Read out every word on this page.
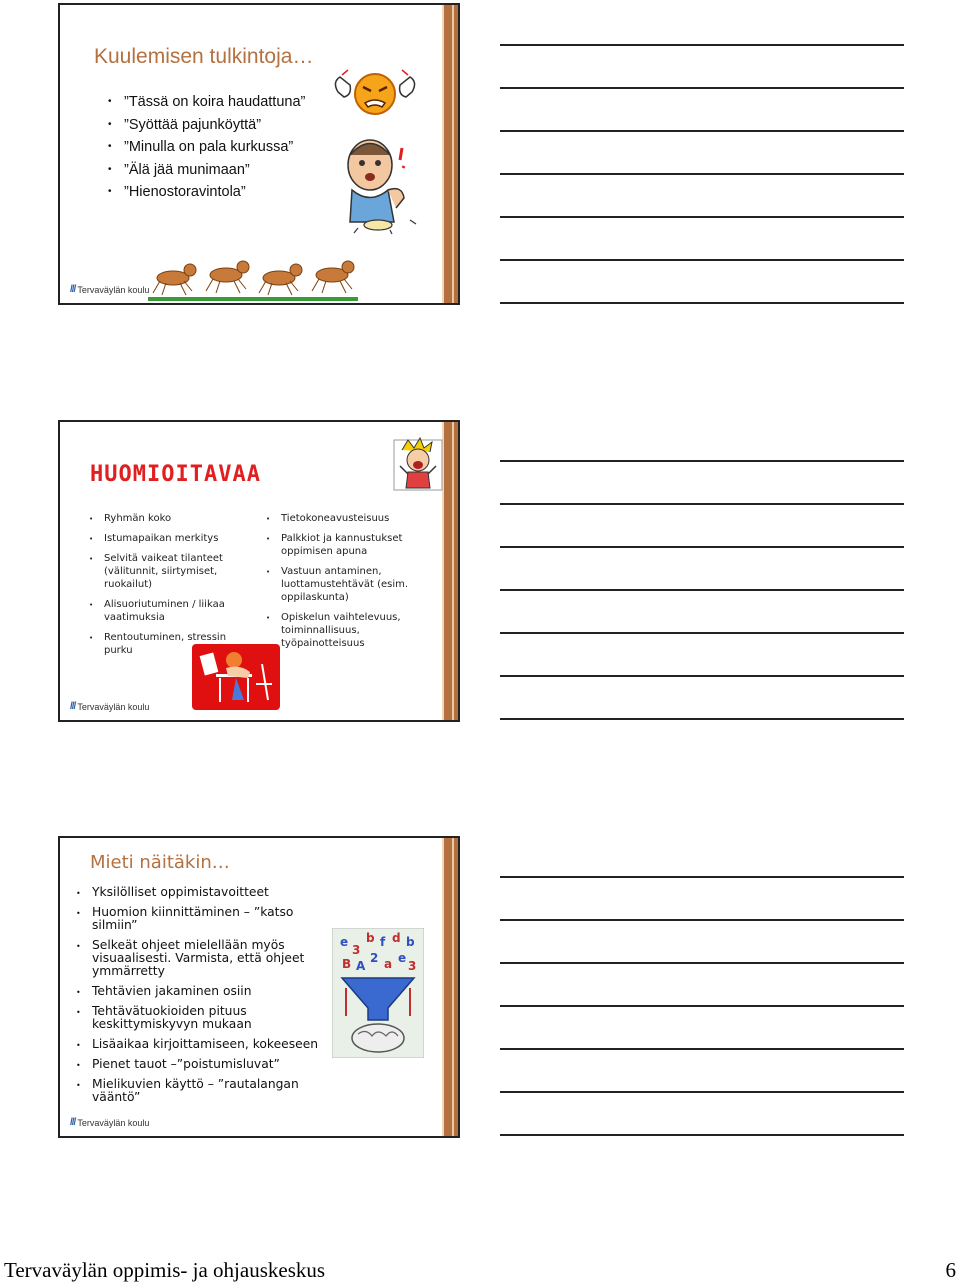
Kuulemisen tulkintoja…
• ”Tässä on koira haudattuna”
• ”Syöttää pajunköyttä”
• ”Minulla on pala kurkussa”
• ”Älä jää munimaan”
• ”Hienostoravintola”
/// Tervaväylän koulu
HUOMIOITAVAA
• Ryhmän koko
• Istumapaikan merkitys
• Selvitä vaikeat tilanteet (välitunnit, siirtymiset, ruokailut)
• Alisuoriutuminen / liikaa vaatimuksia
• Rentoutuminen, stressin purku
• Tietokoneavusteisuus
• Palkkiot ja kannustukset oppimisen apuna
• Vastuun antaminen, luottamustehtävät (esim. oppilaskunta)
• Opiskelun vaihtelevuus, toiminnallisuus, työpainotteisuus
/// Tervaväylän koulu
Mieti näitäkin…
• Yksilölliset oppimistavoitteet
• Huomion kiinnittäminen – ”katso silmiin”
• Selkeät ohjeet mielellään myös visuaalisesti. Varmista, että ohjeet ymmärretty
• Tehtävien jakaminen osiin
• Tehtävätuokioiden pituus keskittymiskyvyn mukaan
• Lisäaikaa kirjoittamiseen, kokeeseen
• Pienet tauot –”poistumisluvat”
• Mielikuvien käyttö – ”rautalangan vääntö”
e
3
b f d b
B A
2 a e
3
/// Tervaväylän koulu
Tervaväylän oppimis- ja ohjauskeskus	6
